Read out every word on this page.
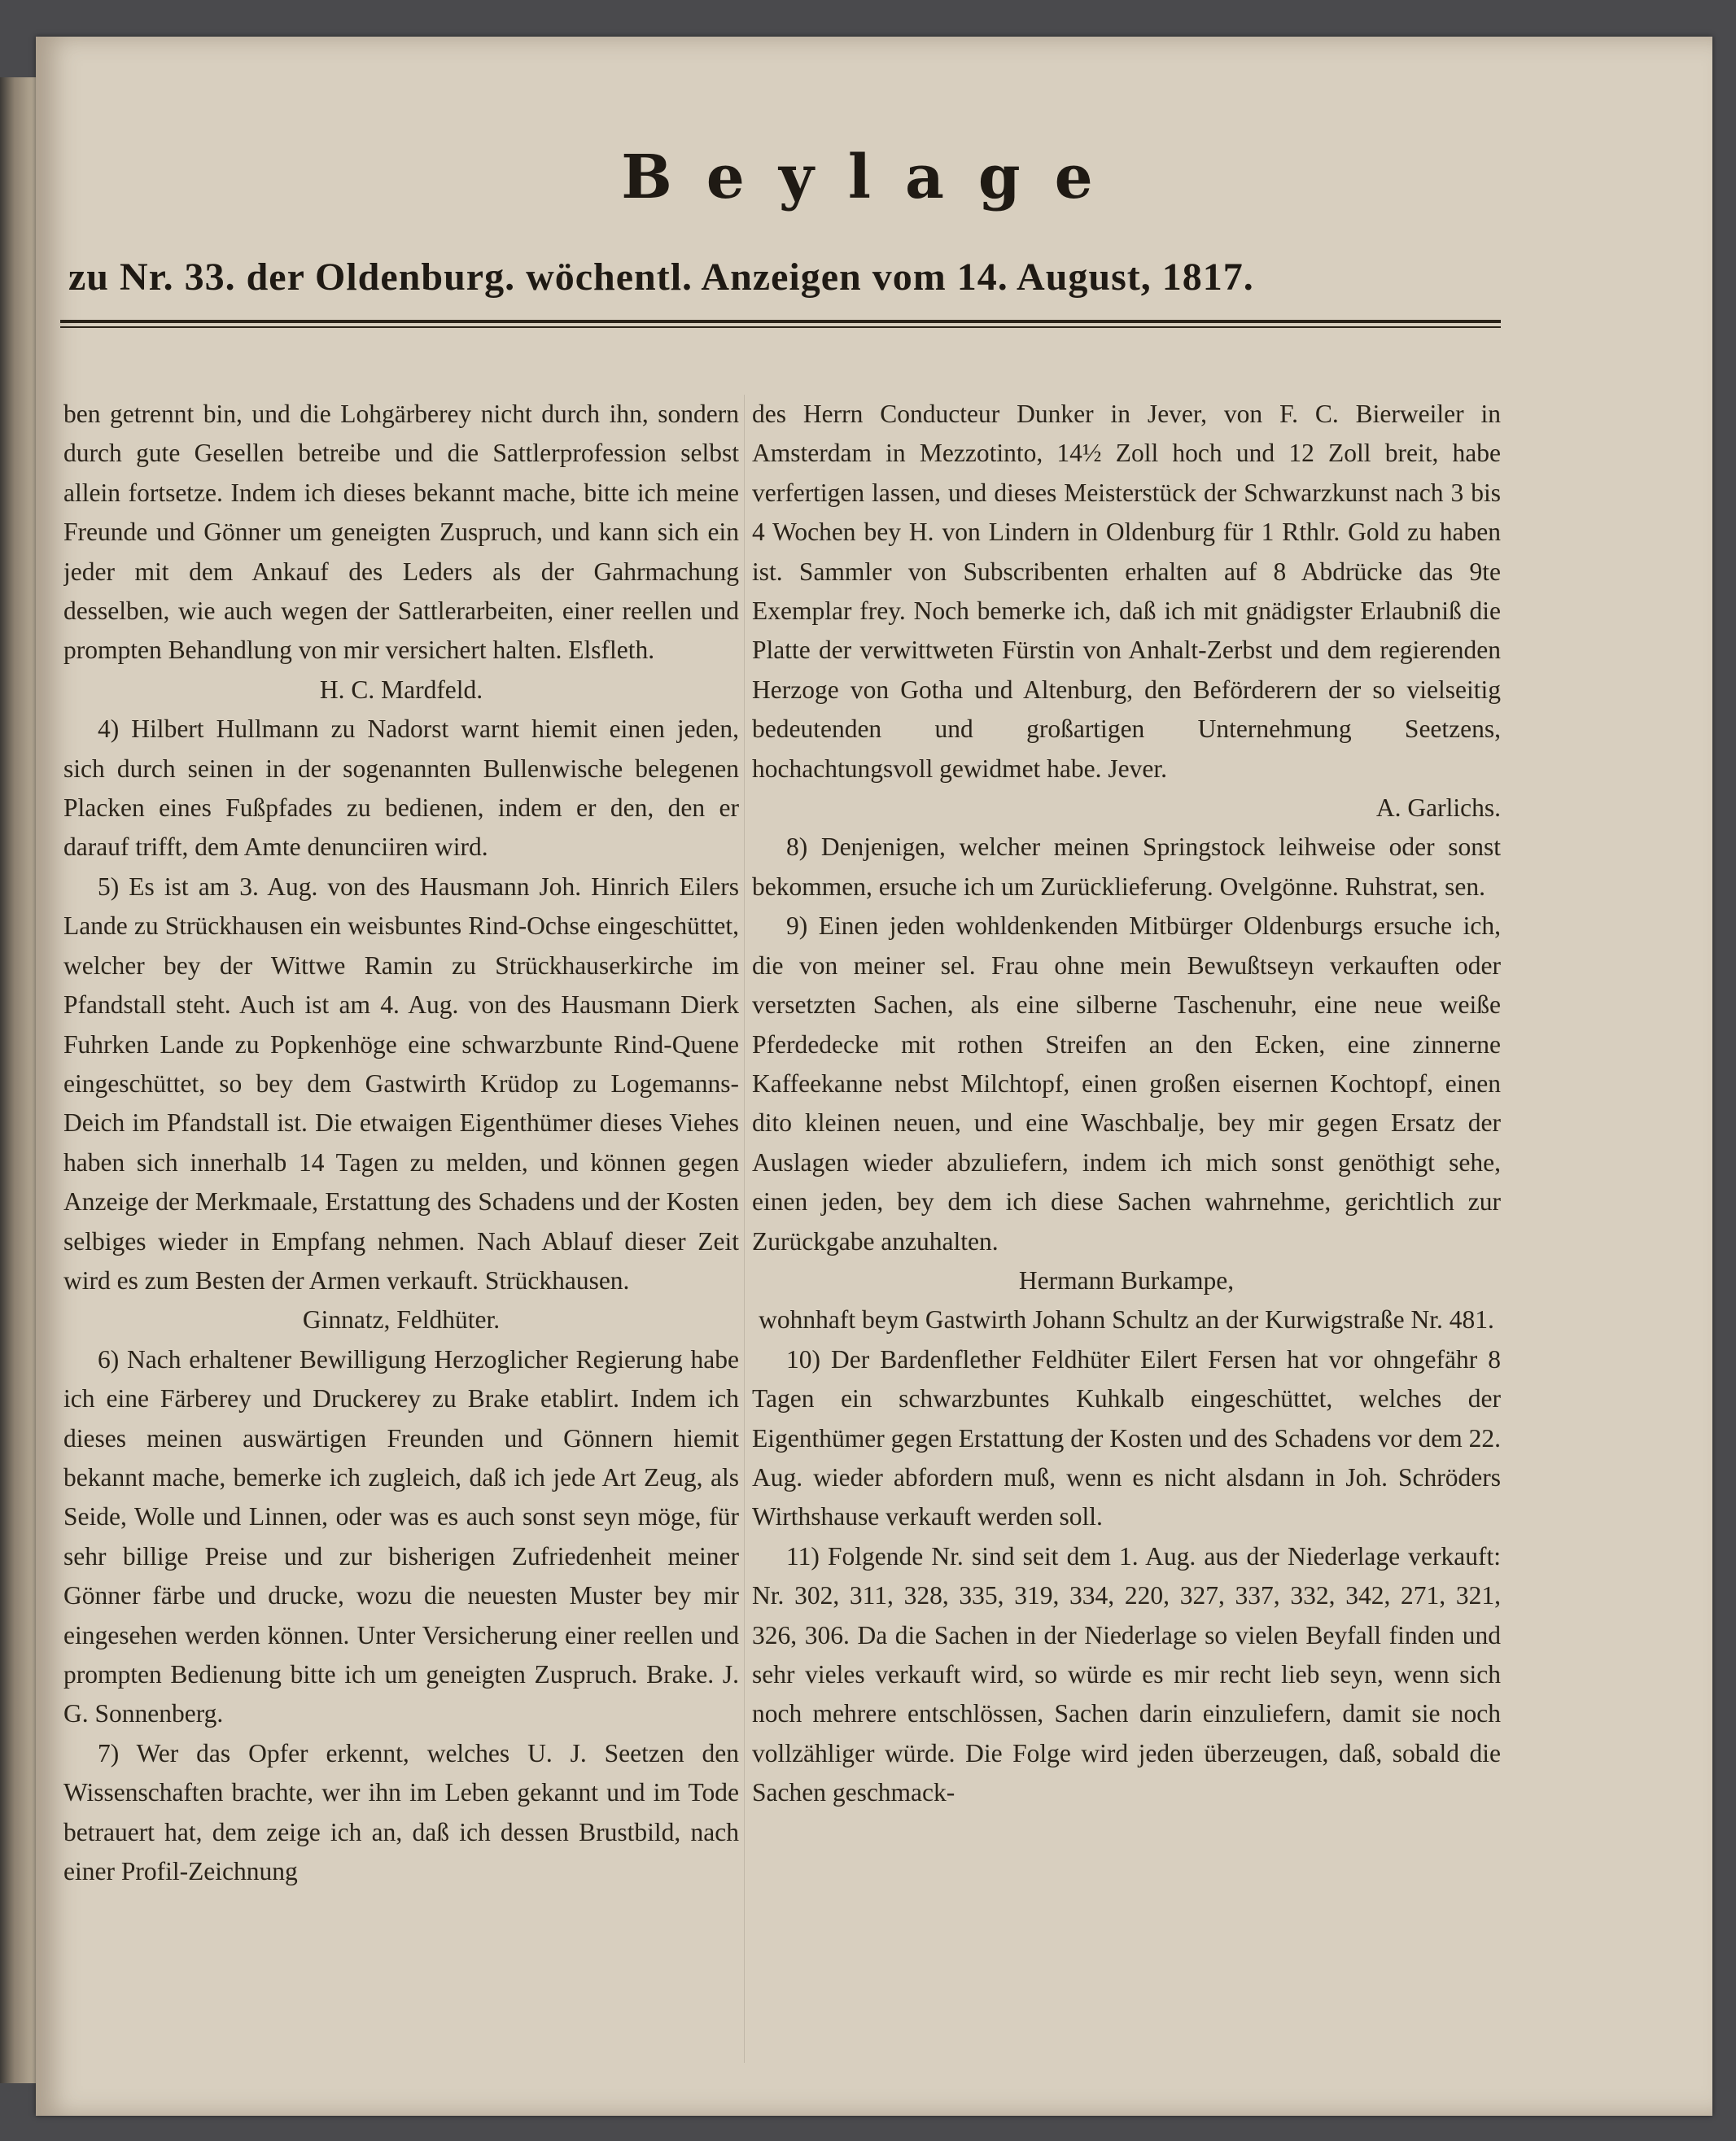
Beylage
zu Nr. 33. der Oldenburg. wöchentl. Anzeigen vom 14. August, 1817.

ben getrennt bin, und die Lohgärberey nicht durch ihn, sondern durch gute Gesellen betreibe und die Sattlerprofession selbst allein fortsetze. Indem ich dieses bekannt mache, bitte ich meine Freunde und Gönner um geneigten Zuspruch, und kann sich ein jeder mit dem Ankauf des Leders als der Gahrmachung desselben, wie auch wegen der Sattlerarbeiten, einer reellen und prompten Behandlung von mir versichert halten. Elsfleth.

H. C. Mardfeld.

4) Hilbert Hullmann zu Nadorst warnt hiemit einen jeden, sich durch seinen in der sogenannten Bullenwische belegenen Placken eines Fußpfades zu bedienen, indem er den, den er darauf trifft, dem Amte denunciiren wird.

5) Es ist am 3. Aug. von des Hausmann Joh. Hinrich Eilers Lande zu Strückhausen ein weisbuntes Rind-Ochse eingeschüttet, welcher bey der Wittwe Ramin zu Strückhauserkirche im Pfandstall steht. Auch ist am 4. Aug. von des Hausmann Dierk Fuhrken Lande zu Popkenhöge eine schwarzbunte Rind-Quene eingeschüttet, so bey dem Gastwirth Krüdop zu Logemanns-Deich im Pfandstall ist. Die etwaigen Eigenthümer dieses Viehes haben sich innerhalb 14 Tagen zu melden, und können gegen Anzeige der Merkmaale, Erstattung des Schadens und der Kosten selbiges wieder in Empfang nehmen. Nach Ablauf dieser Zeit wird es zum Besten der Armen verkauft. Strückhausen.

Ginnatz, Feldhüter.

6) Nach erhaltener Bewilligung Herzoglicher Regierung habe ich eine Färberey und Druckerey zu Brake etablirt. Indem ich dieses meinen auswärtigen Freunden und Gönnern hiemit bekannt mache, bemerke ich zugleich, daß ich jede Art Zeug, als Seide, Wolle und Linnen, oder was es auch sonst seyn möge, für sehr billige Preise und zur bisherigen Zufriedenheit meiner Gönner färbe und drucke, wozu die neuesten Muster bey mir eingesehen werden können. Unter Versicherung einer reellen und prompten Bedienung bitte ich um geneigten Zuspruch. Brake. J. G. Sonnenberg.

7) Wer das Opfer erkennt, welches U. J. Seetzen den Wissenschaften brachte, wer ihn im Leben gekannt und im Tode betrauert hat, dem zeige ich an, daß ich dessen Brustbild, nach einer Profil-Zeichnung

des Herrn Conducteur Dunker in Jever, von F. C. Bierweiler in Amsterdam in Mezzotinto, 14½ Zoll hoch und 12 Zoll breit, habe verfertigen lassen, und dieses Meisterstück der Schwarzkunst nach 3 bis 4 Wochen bey H. von Lindern in Oldenburg für 1 Rthlr. Gold zu haben ist. Sammler von Subscribenten erhalten auf 8 Abdrücke das 9te Exemplar frey. Noch bemerke ich, daß ich mit gnädigster Erlaubniß die Platte der verwittweten Fürstin von Anhalt-Zerbst und dem regierenden Herzoge von Gotha und Altenburg, den Beförderern der so vielseitig bedeutenden und großartigen Unternehmung Seetzens, hochachtungsvoll gewidmet habe. Jever.

A. Garlichs.

8) Denjenigen, welcher meinen Springstock leihweise oder sonst bekommen, ersuche ich um Zurücklieferung. Ovelgönne. Ruhstrat, sen.

9) Einen jeden wohldenkenden Mitbürger Oldenburgs ersuche ich, die von meiner sel. Frau ohne mein Bewußtseyn verkauften oder versetzten Sachen, als eine silberne Taschenuhr, eine neue weiße Pferdedecke mit rothen Streifen an den Ecken, eine zinnerne Kaffeekanne nebst Milchtopf, einen großen eisernen Kochtopf, einen dito kleinen neuen, und eine Waschbalje, bey mir gegen Ersatz der Auslagen wieder abzuliefern, indem ich mich sonst genöthigt sehe, einen jeden, bey dem ich diese Sachen wahrnehme, gerichtlich zur Zurückgabe anzuhalten.

Hermann Burkampe,

wohnhaft beym Gastwirth Johann Schultz an der Kurwigstraße Nr. 481.

10) Der Bardenflether Feldhüter Eilert Fersen hat vor ohngefähr 8 Tagen ein schwarzbuntes Kuhkalb eingeschüttet, welches der Eigenthümer gegen Erstattung der Kosten und des Schadens vor dem 22. Aug. wieder abfordern muß, wenn es nicht alsdann in Joh. Schröders Wirthshause verkauft werden soll.

11) Folgende Nr. sind seit dem 1. Aug. aus der Niederlage verkauft: Nr. 302, 311, 328, 335, 319, 334, 220, 327, 337, 332, 342, 271, 321, 326, 306. Da die Sachen in der Niederlage so vielen Beyfall finden und sehr vieles verkauft wird, so würde es mir recht lieb seyn, wenn sich noch mehrere entschlössen, Sachen darin einzuliefern, damit sie noch vollzähliger würde. Die Folge wird jeden überzeugen, daß, sobald die Sachen geschmack-
